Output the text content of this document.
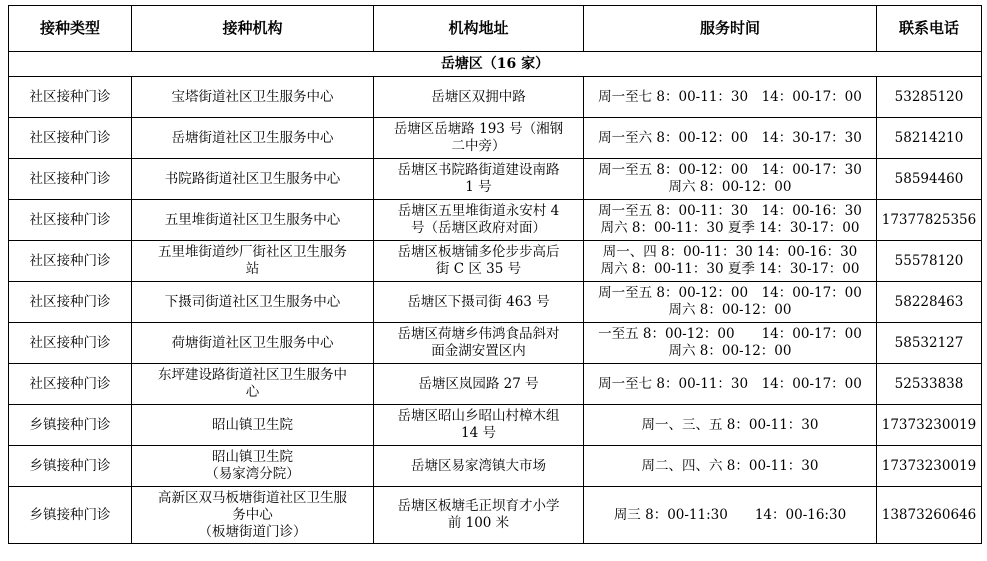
接种类型	接种机构	机构地址	服务时间	联系电话
岳塘区（16 家）				
社区接种门诊	宝塔街道社区卫生服务中心	岳塘区双拥中路	周一至七 8：00-11：30　14：00-17：00	53285120
社区接种门诊	岳塘街道社区卫生服务中心	岳塘区岳塘路 193 号（湘钢
二中旁）	周一至六 8：00-12：00　14：30-17：30	58214210
社区接种门诊	书院路街道社区卫生服务中心	岳塘区书院路街道建设南路
1 号	周一至五 8：00-12：00　14：00-17：30
周六 8：00-12：00	58594460
社区接种门诊	五里堆街道社区卫生服务中心	岳塘区五里堆街道永安村 4
号（岳塘区政府对面）	周一至五 8：00-11：30　14：00-16：30
周六 8：00-11：30 夏季 14：30-17：00	17377825356
社区接种门诊	五里堆街道纱厂街社区卫生服务
站	岳塘区板塘铺多伦步步高后
街 C 区 35 号	周一、四 8：00-11：30 14：00-16：30
周六 8：00-11：30 夏季 14：30-17：00	55578120
社区接种门诊	下摄司街道社区卫生服务中心	岳塘区下摄司街 463 号	周一至五 8：00-12：00　14：00-17：00
周六 8：00-12：00	58228463
社区接种门诊	荷塘街道社区卫生服务中心	岳塘区荷塘乡伟鸿食品斜对
面金湖安置区内	一至五 8：00-12：00　　14：00-17：00
周六 8：00-12：00	58532127
社区接种门诊	东坪建设路街道社区卫生服务中
心	岳塘区岚园路 27 号	周一至七 8：00-11：30　14：00-17：00	52533838
乡镇接种门诊	昭山镇卫生院	岳塘区昭山乡昭山村樟木组
14 号	周一、三、五 8：00-11：30	17373230019
乡镇接种门诊	昭山镇卫生院
（易家湾分院）	岳塘区易家湾镇大市场	周二、四、六 8：00-11：30	17373230019
乡镇接种门诊	高新区双马板塘街道社区卫生服
务中心
（板塘街道门诊）	岳塘区板塘毛正坝育才小学
前 100 米	周三 8：00-11:30　　14：00-16:30	13873260646
